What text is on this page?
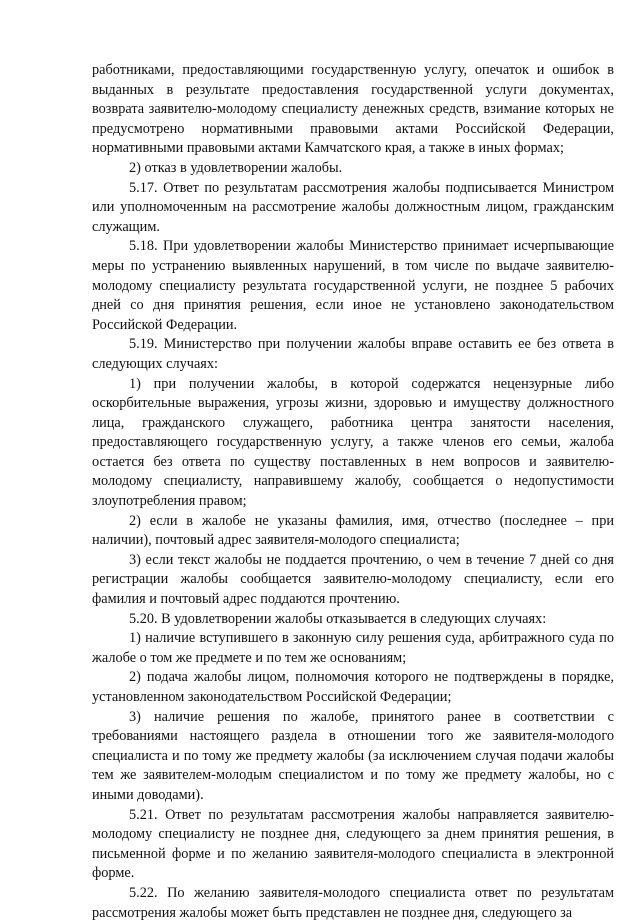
работниками, предоставляющими государственную услугу, опечаток и ошибок в выданных в результате предоставления государственной услуги документах, возврата заявителю-молодому специалисту денежных средств, взимание которых не предусмотрено нормативными правовыми актами Российской Федерации, нормативными правовыми актами Камчатского края, а также в иных формах;

2) отказ в удовлетворении жалобы.

5.17. Ответ по результатам рассмотрения жалобы подписывается Министром или уполномоченным на рассмотрение жалобы должностным лицом, гражданским служащим.

5.18. При удовлетворении жалобы Министерство принимает исчерпывающие меры по устранению выявленных нарушений, в том числе по выдаче заявителю-молодому специалисту результата государственной услуги, не позднее 5 рабочих дней со дня принятия решения, если иное не установлено законодательством Российской Федерации.

5.19. Министерство при получении жалобы вправе оставить ее без ответа в следующих случаях:

1) при получении жалобы, в которой содержатся нецензурные либо оскорбительные выражения, угрозы жизни, здоровью и имуществу должностного лица, гражданского служащего, работника центра занятости населения, предоставляющего государственную услугу, а также членов его семьи, жалоба остается без ответа по существу поставленных в нем вопросов и заявителю-молодому специалисту, направившему жалобу, сообщается о недопустимости злоупотребления правом;

2) если в жалобе не указаны фамилия, имя, отчество (последнее – при наличии), почтовый адрес заявителя-молодого специалиста;

3) если текст жалобы не поддается прочтению, о чем в течение 7 дней со дня регистрации жалобы сообщается заявителю-молодому специалисту, если его фамилия и почтовый адрес поддаются прочтению.

5.20. В удовлетворении жалобы отказывается в следующих случаях:

1) наличие вступившего в законную силу решения суда, арбитражного суда по жалобе о том же предмете и по тем же основаниям;

2) подача жалобы лицом, полномочия которого не подтверждены в порядке, установленном законодательством Российской Федерации;

3) наличие решения по жалобе, принятого ранее в соответствии с требованиями настоящего раздела в отношении того же заявителя-молодого специалиста и по тому же предмету жалобы (за исключением случая подачи жалобы тем же заявителем-молодым специалистом и по тому же предмету жалобы, но с иными доводами).

5.21. Ответ по результатам рассмотрения жалобы направляется заявителю-молодому специалисту не позднее дня, следующего за днем принятия решения, в письменной форме и по желанию заявителя-молодого специалиста в электронной форме.

5.22. По желанию заявителя-молодого специалиста ответ по результатам рассмотрения жалобы может быть представлен не позднее дня, следующего за
